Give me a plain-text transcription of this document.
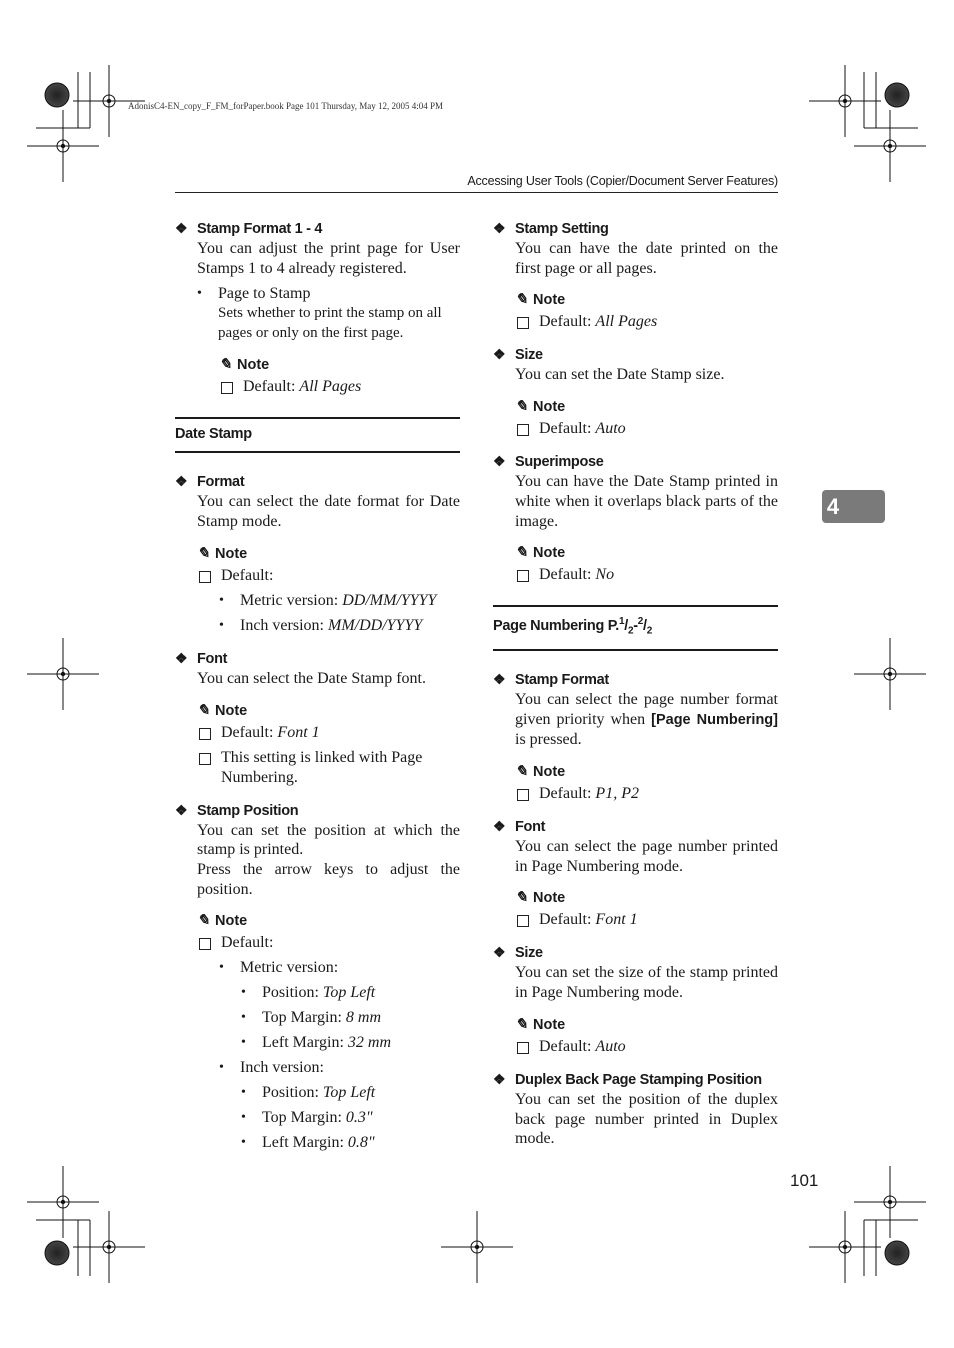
AdonisC4-EN_copy_F_FM_forPaper.book Page 101 Thursday, May 12, 2005 4:04 PM
Accessing User Tools (Copier/Document Server Features)
4
101
❖ Stamp Format 1 - 4
You can adjust the print page for User Stamps 1 to 4 already registered.
•	Page to Stamp
Sets whether to print the stamp on all pages or only on the first page.
✎ Note
Default: All Pages
Date Stamp
❖ Format
You can select the date format for Date Stamp mode.
✎ Note
Default:
•	Metric version: DD/MM/YYYY
•	Inch version: MM/DD/YYYY
❖ Font
You can select the Date Stamp font.
✎ Note
Default: Font 1
This setting is linked with Page Numbering.
❖ Stamp Position
You can set the position at which the stamp is printed.
Press the arrow keys to adjust the position.
✎ Note
Default:
•	Metric version:
•	Position: Top Left
•	Top Margin: 8 mm
•	Left Margin: 32 mm
•	Inch version:
•	Position: Top Left
•	Top Margin: 0.3"
•	Left Margin: 0.8"
❖ Stamp Setting
You can have the date printed on the first page or all pages.
✎ Note
Default: All Pages
❖ Size
You can set the Date Stamp size.
✎ Note
Default: Auto
❖ Superimpose
You can have the Date Stamp printed in white when it overlaps black parts of the image.
✎ Note
Default: No
Page Numbering $P.^1/_2-^2/_2$
❖ Stamp Format
You can select the page number format given priority when [Page Numbering] is pressed.
✎ Note
Default: P1, P2
❖ Font
You can select the page number printed in Page Numbering mode.
✎ Note
Default: Font 1
❖ Size
You can set the size of the stamp printed in Page Numbering mode.
✎ Note
Default: Auto
❖ Duplex Back Page Stamping Position
You can set the position of the duplex back page number printed in Duplex mode.
